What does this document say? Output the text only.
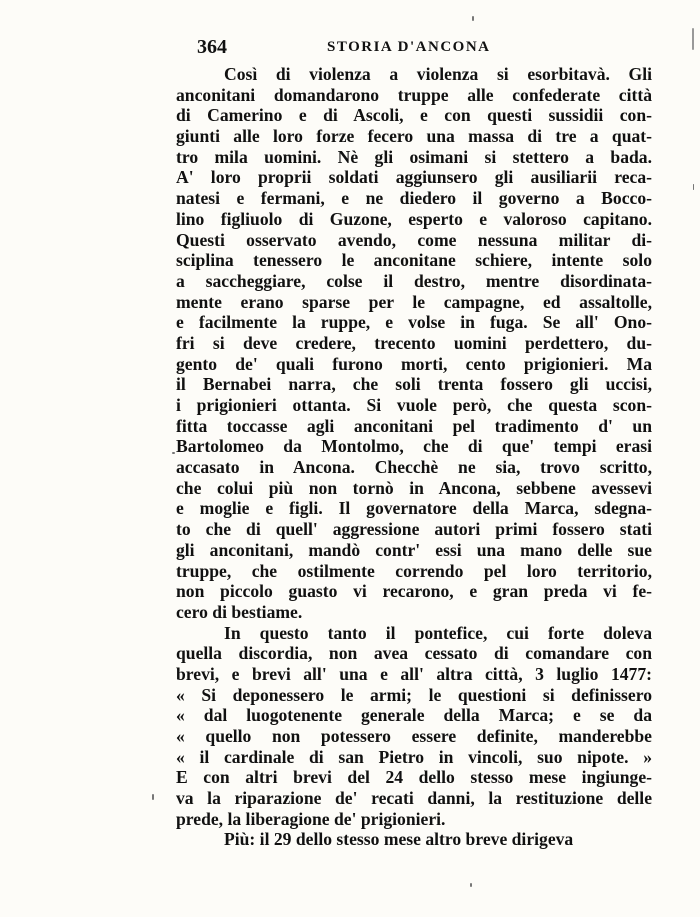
364	STORIA D'ANCONA
Così di violenza a violenza si esorbitavà. Gli
anconitani domandarono truppe alle confederate città
di Camerino e di Ascoli, e con questi sussidii con-
giunti alle loro forze fecero una massa di tre a quat-
tro mila uomini. Nè gli osimani si stettero a bada.
A' loro proprii soldati aggiunsero gli ausiliarii reca-
natesi e fermani, e ne diedero il governo a Bocco-
lino figliuolo di Guzone, esperto e valoroso capitano.
Questi osservato avendo, come nessuna militar di-
sciplina tenessero le anconitane schiere, intente solo
a saccheggiare, colse il destro, mentre disordinata-
mente erano sparse per le campagne, ed assaltolle,
e facilmente la ruppe, e volse in fuga. Se all' Ono-
fri si deve credere, trecento uomini perdettero, du-
gento de' quali furono morti, cento prigionieri. Ma
il Bernabei narra, che soli trenta fossero gli uccisi,
i prigionieri ottanta. Si vuole però, che questa scon-
fitta toccasse agli anconitani pel tradimento d' un
Bartolomeo da Montolmo, che di que' tempi erasi
accasato in Ancona. Checchè ne sia, trovo scritto,
che colui più non tornò in Ancona, sebbene avessevi
e moglie e figli. Il governatore della Marca, sdegna-
to che di quell' aggressione autori primi fossero stati
gli anconitani, mandò contr' essi una mano delle sue
truppe, che ostilmente correndo pel loro territorio,
non piccolo guasto vi recarono, e gran preda vi fe-
cero di bestiame.
In questo tanto il pontefice, cui forte doleva
quella discordia, non avea cessato di comandare con
brevi, e brevi all' una e all' altra città, 3 luglio 1477:
« Si deponessero le armi; le questioni si definissero
« dal luogotenente generale della Marca; e se da
« quello non potessero essere definite, manderebbe
« il cardinale di san Pietro in vincoli, suo nipote. »
E con altri brevi del 24 dello stesso mese ingiunge-
va la riparazione de' recati danni, la restituzione delle
prede, la liberagione de' prigionieri.
Più: il 29 dello stesso mese altro breve dirigeva
